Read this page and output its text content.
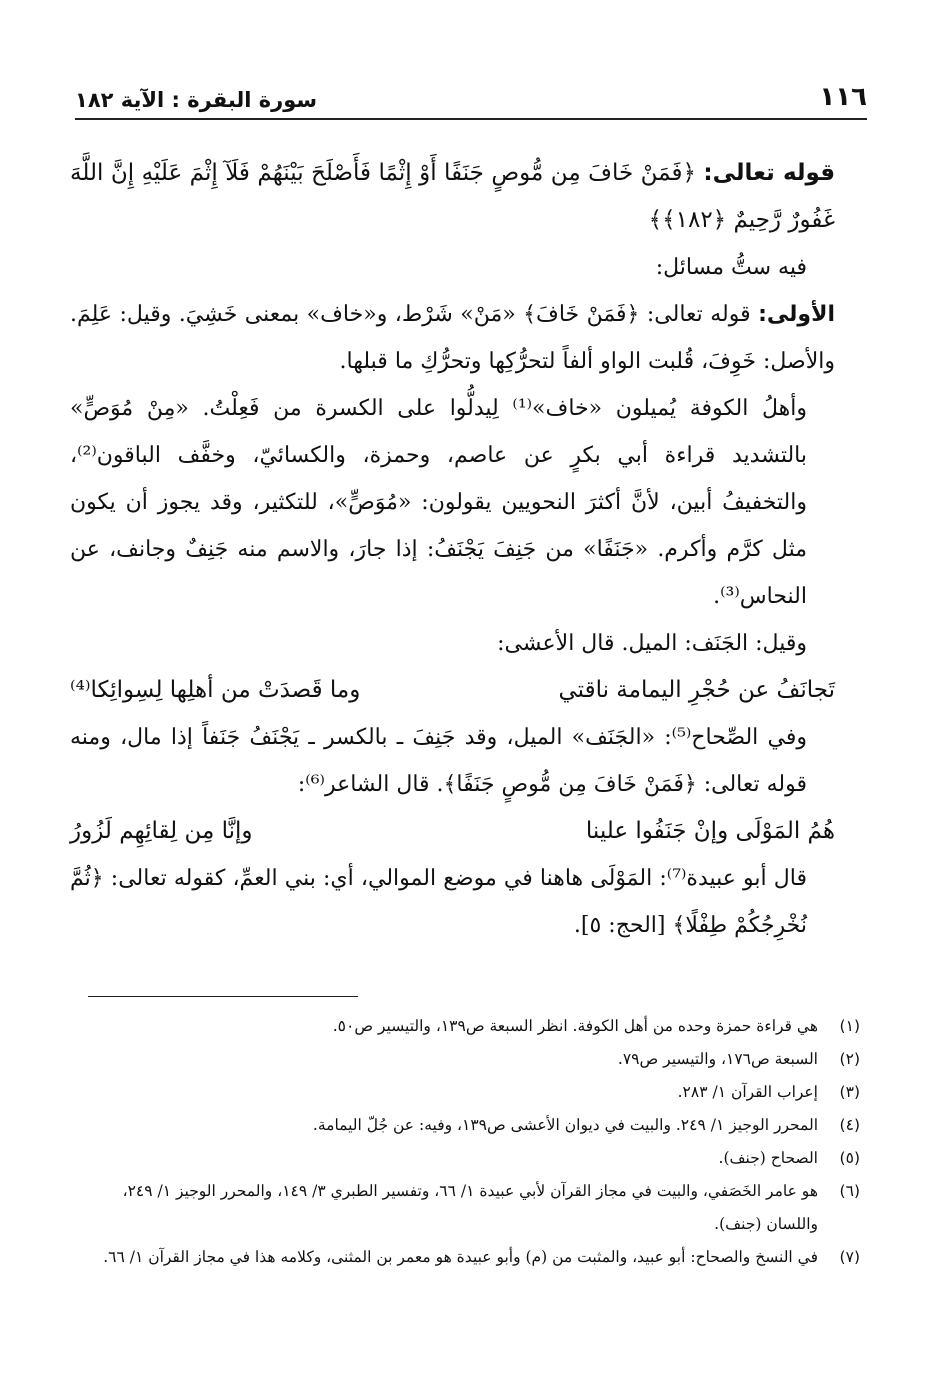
١١٦
سورة البقرة : الآية ١٨٢

قوله تعالى: ﴿فَمَنْ خَافَ مِن مُّوصٍ جَنَفًا أَوْ إِثْمًا فَأَصْلَحَ بَيْنَهُمْ فَلَآ إِثْمَ عَلَيْهِ إِنَّ اللَّهَ غَفُورٌ رَّحِيمٌ ﴿١٨٢﴾﴾

فيه ستُّ مسائل:

الأولى: قوله تعالى: ﴿فَمَنْ خَافَ﴾ «مَنْ» شَرْط، و«خاف» بمعنى خَشِيَ. وقيل: عَلِمَ. والأصل: خَوِفَ، قُلبت الواو ألفاً لتحرُّكِها وتحرُّكِ ما قبلها.

وأهلُ الكوفة يُميلون «خاف»⁽¹⁾ لِيدلُّوا على الكسرة من فَعِلْتُ. «مِنْ مُوَصٍّ» بالتشديد قراءة أبي بكرٍ عن عاصم، وحمزة، والكسائيّ، وخفَّف الباقون⁽²⁾، والتخفيفُ أبين، لأنَّ أكثرَ النحويين يقولون: «مُوَصٍّ»، للتكثير، وقد يجوز أن يكون مثل كرَّم وأكرم. «جَنَفًا» من جَنِفَ يَجْنَفُ: إذا جارَ، والاسم منه جَنِفٌ وجانف، عن النحاس⁽³⁾.

وقيل: الجَنَف: الميل. قال الأعشى:

تَجانَفُ عن حُجْرِ اليمامة ناقتي
وما قَصدَتْ من أهلِها لِسِوائِكا⁽⁴⁾

وفي الصِّحاح⁽⁵⁾: «الجَنَف» الميل، وقد جَنِفَ ـ بالكسر ـ يَجْنَفُ جَنَفاً إذا مال، ومنه قوله تعالى: ﴿فَمَنْ خَافَ مِن مُّوصٍ جَنَفًا﴾. قال الشاعر⁽⁶⁾:

هُمُ المَوْلَى وإنْ جَنَفُوا علينا
وإنَّا مِن لِقائِهِم لَزُورُ

قال أبو عبيدة⁽⁷⁾: المَوْلَى هاهنا في موضع الموالي، أي: بني العمِّ، كقوله تعالى: ﴿ثُمَّ نُخْرِجُكُمْ طِفْلًا﴾ [الحج: ٥].

(١)
هي قراءة حمزة وحده من أهل الكوفة. انظر السبعة ص١٣٩، والتيسير ص٥٠.
(٢)
السبعة ص١٧٦، والتيسير ص٧٩.
(٣)
إعراب القرآن ١/ ٢٨٣.
(٤)
المحرر الوجيز ١/ ٢٤٩. والبيت في ديوان الأعشى ص١٣٩، وفيه: عن جُلّ اليمامة.
(٥)
الصحاح (جنف).
(٦)
هو عامر الخَصَفي، والبيت في مجاز القرآن لأبي عبيدة ١/ ٦٦، وتفسير الطبري ٣/ ١٤٩، والمحرر الوجيز ١/ ٢٤٩، واللسان (جنف).
(٧)
في النسخ والصحاح: أبو عبيد، والمثبت من (م) وأبو عبيدة هو معمر بن المثنى، وكلامه هذا في مجاز القرآن ١/ ٦٦.
